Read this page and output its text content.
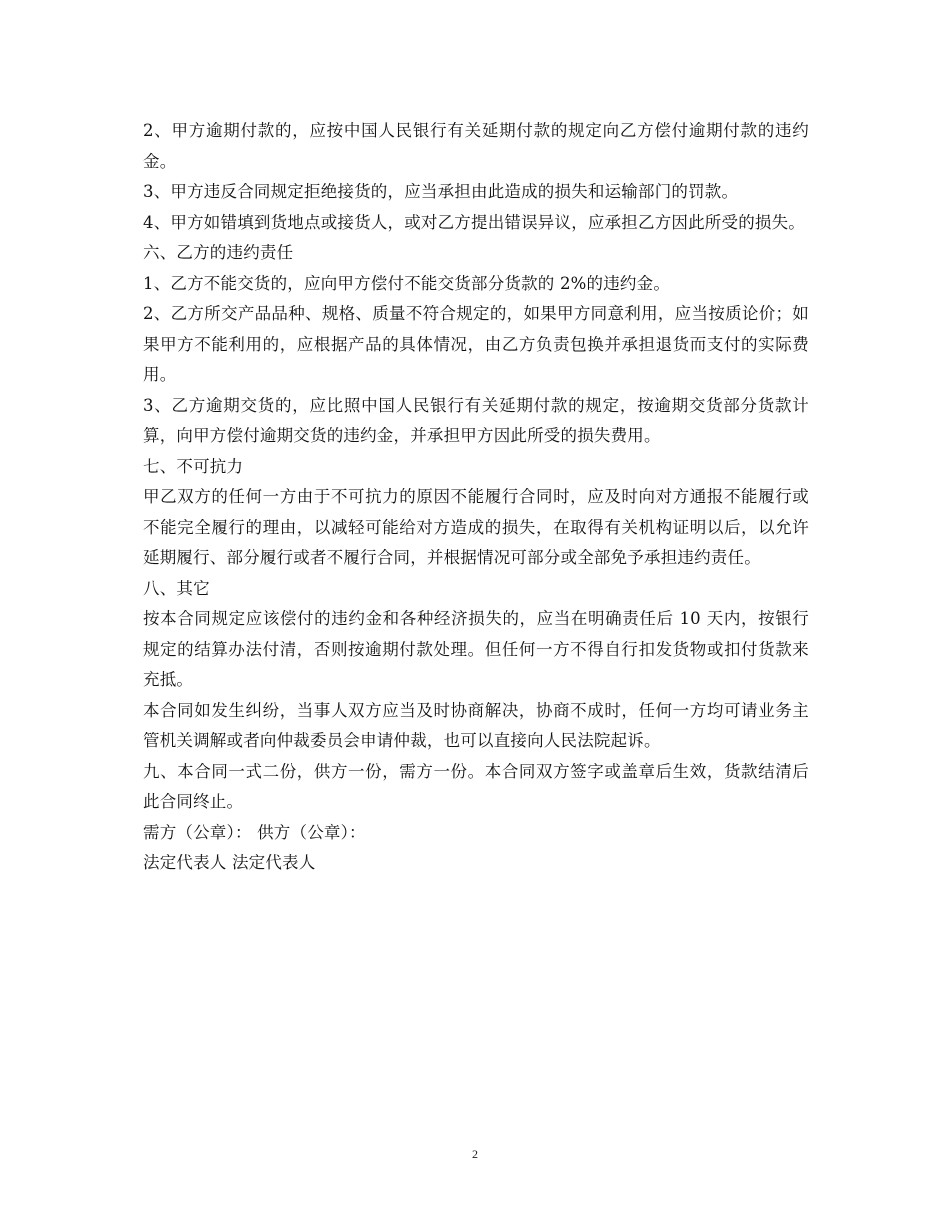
2、甲方逾期付款的，应按中国人民银行有关延期付款的规定向乙方偿付逾期付款的违约金。

3、甲方违反合同规定拒绝接货的，应当承担由此造成的损失和运输部门的罚款。

4、甲方如错填到货地点或接货人，或对乙方提出错误异议，应承担乙方因此所受的损失。

六、乙方的违约责任

1、乙方不能交货的，应向甲方偿付不能交货部分货款的 2%的违约金。

2、乙方所交产品品种、规格、质量不符合规定的，如果甲方同意利用，应当按质论价；如果甲方不能利用的，应根据产品的具体情况，由乙方负责包换并承担退货而支付的实际费用。

3、乙方逾期交货的，应比照中国人民银行有关延期付款的规定，按逾期交货部分货款计算，向甲方偿付逾期交货的违约金，并承担甲方因此所受的损失费用。

七、不可抗力

甲乙双方的任何一方由于不可抗力的原因不能履行合同时，应及时向对方通报不能履行或不能完全履行的理由，以减轻可能给对方造成的损失，在取得有关机构证明以后，以允许延期履行、部分履行或者不履行合同，并根据情况可部分或全部免予承担违约责任。

八、其它

按本合同规定应该偿付的违约金和各种经济损失的，应当在明确责任后 10 天内，按银行规定的结算办法付清，否则按逾期付款处理。但任何一方不得自行扣发货物或扣付货款来充抵。

本合同如发生纠纷，当事人双方应当及时协商解决，协商不成时，任何一方均可请业务主管机关调解或者向仲裁委员会申请仲裁，也可以直接向人民法院起诉。

九、本合同一式二份，供方一份，需方一份。本合同双方签字或盖章后生效，货款结清后此合同终止。

需方（公章）： 供方（公章）：

法定代表人 法定代表人

2
